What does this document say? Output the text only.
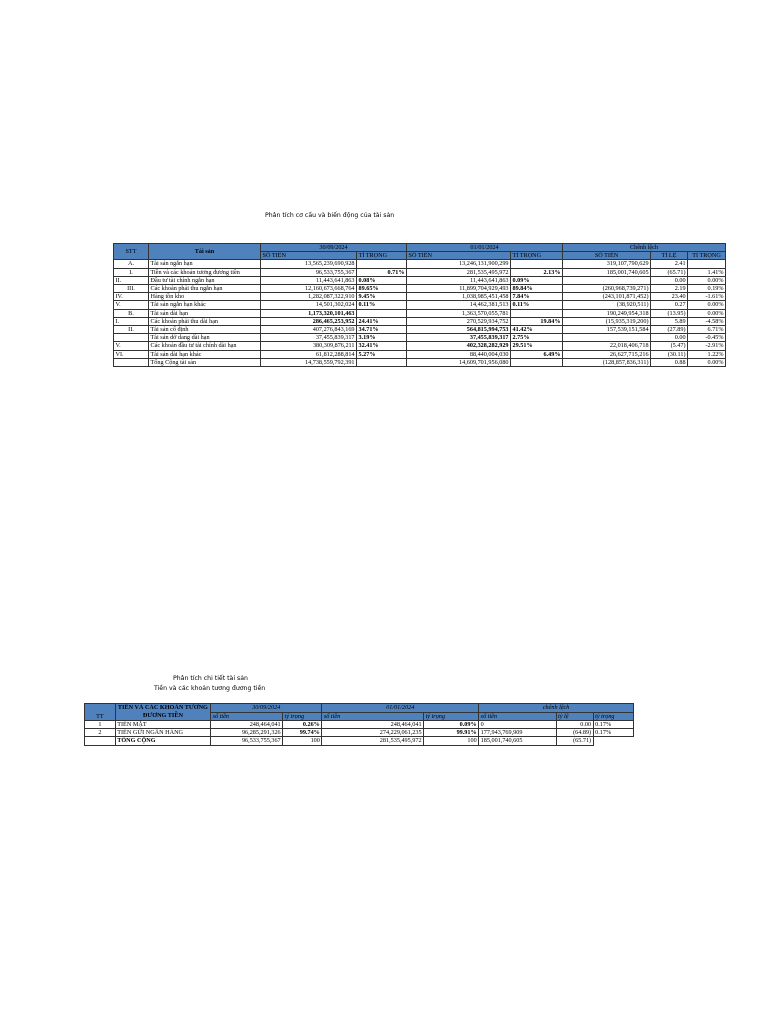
Phân tích cơ cấu và biến động của tài sản
STT	Tài sản	30/09/2024		01/01/2024		Chênh lệch		
		SỐ TIỀN	TỈ TRỌNG	SỐ TIỀN	TỈ TRỌNG	SỐ TIỀN	TỈ LỆ	TỈ TRỌNG
A.	Tài sản ngắn hạn	13,565,239,690,928		13,246,131,900,299		319,107,790,629	2.41	
I.	Tiền và các khoản tương đương tiền	96,533,755,367	0.71%	281,535,495,972	2.13%	185,001,740,605	(65.71)	1.41%
II.	Đầu tư tài chính ngắn hạn	11,443,641,863	0.08%	11,443,641,863	0.09%		0.00	0.00%
III.	Các khoản phải thu ngắn hạn	12,160,673,668,764	89.65%	11,899,704,929,493	89.84%	(260,968,739,271)	2.19	0.19%
IV.	Hàng tồn kho	1,282,087,322,910	9.45%	1,038,985,451,458	7.84%	(243,101,871,452)	23.40	-1.61%
V.	Tài sản ngắn hạn khác	14,501,302,024	0.11%	14,462,381,513	0.11%	(38,920,511)	0.27	0.00%
B.	Tài sản dài hạn	1,173,320,101,463		1,363,570,055,781		190,249,954,318	(13.95)	0.00%
I.	Các khoản phải thu dài hạn	286,465,253,952	24.41%	270,529,934,752	19.84%	(15,935,319,200)	5.89	-4.58%
II.	Tài sản cố định	407,276,843,169	34.71%	564,815,994,753	41.42%	157,539,151,584	(27.89)	6.71%
	Tài sản dở dang dài hạn	37,455,839,317	3.19%	37,455,839,317	2.75%		0.00	-0.45%
V.	Các khoản đầu tư tài chính dài hạn	380,309,876,211	32.41%	402,328,282,929	29.51%	22,018,406,718	(5.47)	-2.91%
VI.	Tài sản dài hạn khác	61,812,288,814	5.27%	88,440,004,030	6.49%	26,627,715,216	(30.11)	1.22%
	Tổng Cộng tài sản	14,738,559,792,391		14,609,701,956,080		(128,857,836,311)	0.88	0.00%
Phân tích chi tiết tài sản
Tiền và các khoản tương đương tiền
TT	TIỀN VÀ CÁC KHOẢN TƯƠNG ĐƯƠNG TIỀN	30/09/2024		01/01/2024		chênh lệch		
		số tiền	tỷ trọng	số tiền	tỷ trọng	số tiền	tỷ lệ	tỷ trọng
1	TIỀN MẶT	248,464,041	0.26%	248,464,041	0.09%	0	0.00	0.17%
2	TIỀN GỬI NGÂN HÀNG	96,285,291,326	99.74%	274,229,061,235	99.91%	177,943,769,909	(64.89)	0.17%
	TỔNG CỘNG	96,533,755,367	100	281,535,495,972	100	185,001,740,605	(65.71)	
